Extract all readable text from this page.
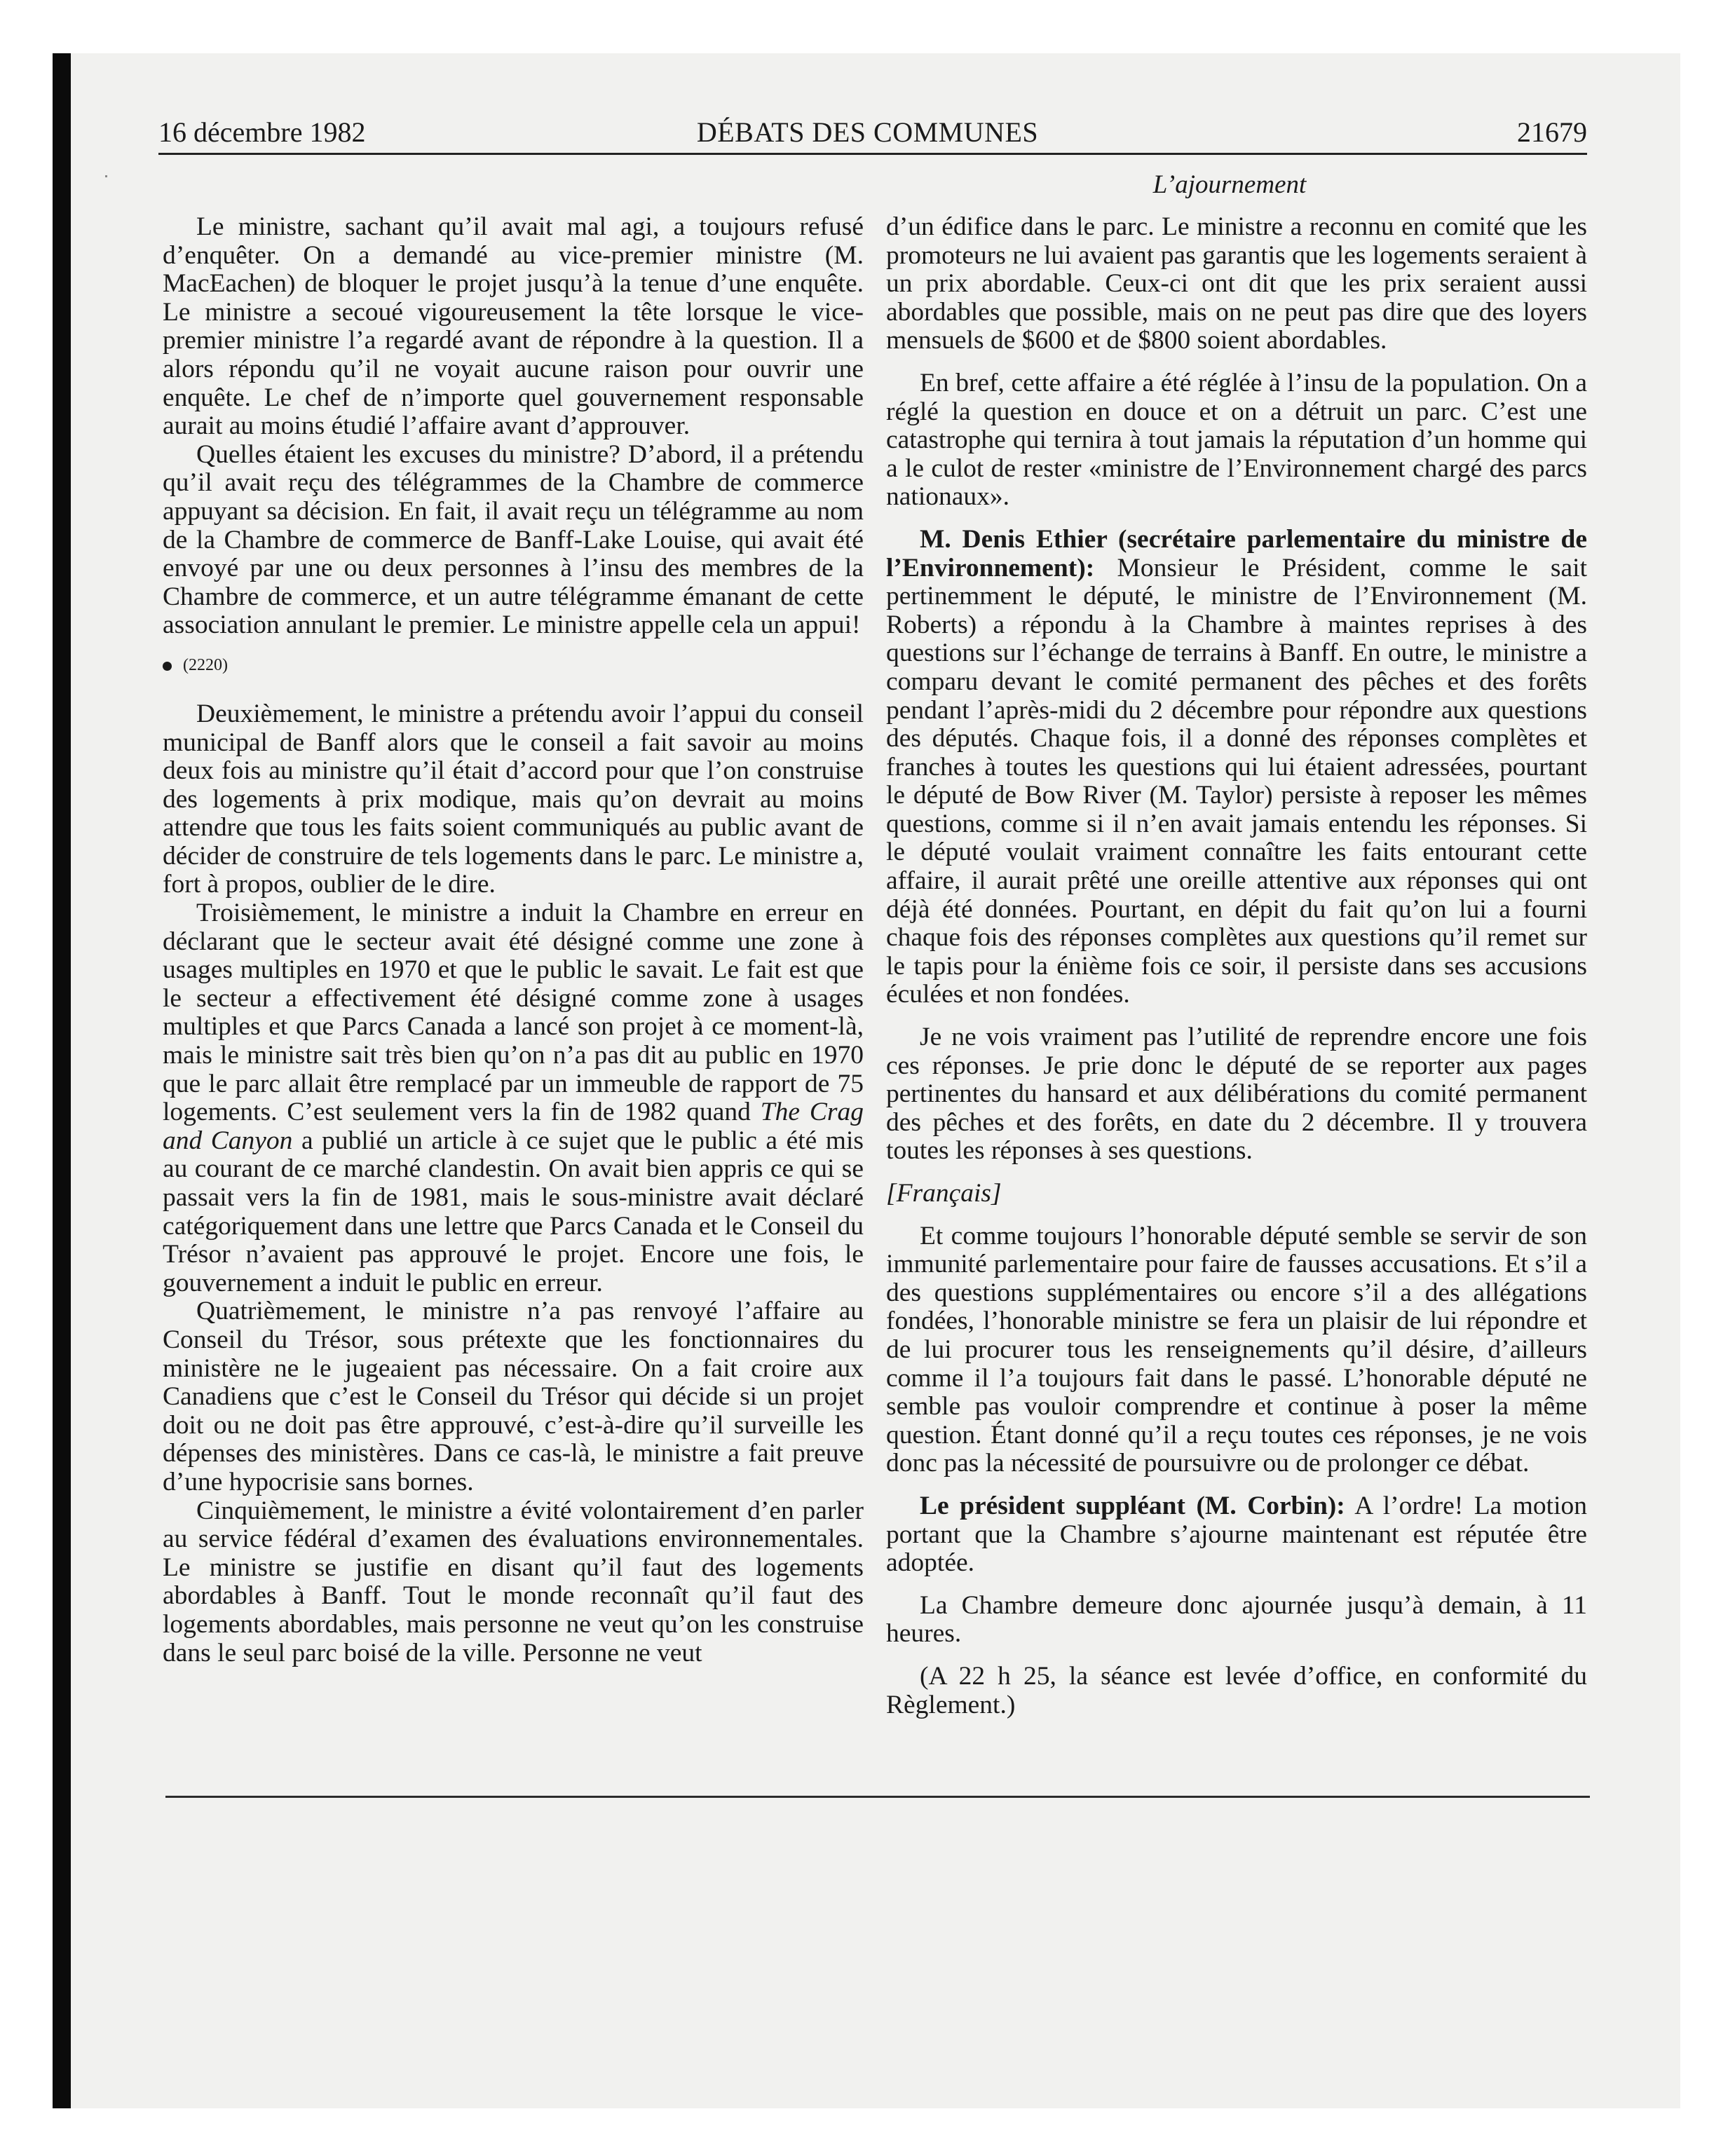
16 décembre 1982	DÉBATS DES COMMUNES	21679
L’ajournement

Le ministre, sachant qu’il avait mal agi, a toujours refusé d’enquêter. On a demandé au vice-premier ministre (M. MacEachen) de bloquer le projet jusqu’à la tenue d’une enquête. Le ministre a secoué vigoureusement la tête lorsque le vice-premier ministre l’a regardé avant de répondre à la question. Il a alors répondu qu’il ne voyait aucune raison pour ouvrir une enquête. Le chef de n’importe quel gouvernement responsable aurait au moins étudié l’affaire avant d’approuver.

Quelles étaient les excuses du ministre? D’abord, il a prétendu qu’il avait reçu des télégrammes de la Chambre de commerce appuyant sa décision. En fait, il avait reçu un télégramme au nom de la Chambre de commerce de Banff-Lake Louise, qui avait été envoyé par une ou deux personnes à l’insu des membres de la Chambre de commerce, et un autre télégramme émanant de cette association annulant le premier. Le ministre appelle cela un appui!

(2220)

Deuxièmement, le ministre a prétendu avoir l’appui du conseil municipal de Banff alors que le conseil a fait savoir au moins deux fois au ministre qu’il était d’accord pour que l’on construise des logements à prix modique, mais qu’on devrait au moins attendre que tous les faits soient communiqués au public avant de décider de construire de tels logements dans le parc. Le ministre a, fort à propos, oublier de le dire.

Troisièmement, le ministre a induit la Chambre en erreur en déclarant que le secteur avait été désigné comme une zone à usages multiples en 1970 et que le public le savait. Le fait est que le secteur a effectivement été désigné comme zone à usages multiples et que Parcs Canada a lancé son projet à ce moment-là, mais le ministre sait très bien qu’on n’a pas dit au public en 1970 que le parc allait être remplacé par un immeuble de rapport de 75 logements. C’est seulement vers la fin de 1982 quand The Crag and Canyon a publié un article à ce sujet que le public a été mis au courant de ce marché clandestin. On avait bien appris ce qui se passait vers la fin de 1981, mais le sous-ministre avait déclaré catégoriquement dans une lettre que Parcs Canada et le Conseil du Trésor n’avaient pas approuvé le projet. Encore une fois, le gouvernement a induit le public en erreur.

Quatrièmement, le ministre n’a pas renvoyé l’affaire au Conseil du Trésor, sous prétexte que les fonctionnaires du ministère ne le jugeaient pas nécessaire. On a fait croire aux Canadiens que c’est le Conseil du Trésor qui décide si un projet doit ou ne doit pas être approuvé, c’est-à-dire qu’il surveille les dépenses des ministères. Dans ce cas-là, le ministre a fait preuve d’une hypocrisie sans bornes.

Cinquièmement, le ministre a évité volontairement d’en parler au service fédéral d’examen des évaluations environnementales. Le ministre se justifie en disant qu’il faut des logements abordables à Banff. Tout le monde reconnaît qu’il faut des logements abordables, mais personne ne veut qu’on les construise dans le seul parc boisé de la ville. Personne ne veut

d’un édifice dans le parc. Le ministre a reconnu en comité que les promoteurs ne lui avaient pas garantis que les logements seraient à un prix abordable. Ceux-ci ont dit que les prix seraient aussi abordables que possible, mais on ne peut pas dire que des loyers mensuels de $600 et de $800 soient abordables.

En bref, cette affaire a été réglée à l’insu de la population. On a réglé la question en douce et on a détruit un parc. C’est une catastrophe qui ternira à tout jamais la réputation d’un homme qui a le culot de rester «ministre de l’Environnement chargé des parcs nationaux».

M. Denis Ethier (secrétaire parlementaire du ministre de l’Environnement): Monsieur le Président, comme le sait pertinemment le député, le ministre de l’Environnement (M. Roberts) a répondu à la Chambre à maintes reprises à des questions sur l’échange de terrains à Banff. En outre, le ministre a comparu devant le comité permanent des pêches et des forêts pendant l’après-midi du 2 décembre pour répondre aux questions des députés. Chaque fois, il a donné des réponses complètes et franches à toutes les questions qui lui étaient adressées, pourtant le député de Bow River (M. Taylor) persiste à reposer les mêmes questions, comme si il n’en avait jamais entendu les réponses. Si le député voulait vraiment connaître les faits entourant cette affaire, il aurait prêté une oreille attentive aux réponses qui ont déjà été données. Pourtant, en dépit du fait qu’on lui a fourni chaque fois des réponses complètes aux questions qu’il remet sur le tapis pour la énième fois ce soir, il persiste dans ses accusions éculées et non fondées.

Je ne vois vraiment pas l’utilité de reprendre encore une fois ces réponses. Je prie donc le député de se reporter aux pages pertinentes du hansard et aux délibérations du comité permanent des pêches et des forêts, en date du 2 décembre. Il y trouvera toutes les réponses à ses questions.

[Français]

Et comme toujours l’honorable député semble se servir de son immunité parlementaire pour faire de fausses accusations. Et s’il a des questions supplémentaires ou encore s’il a des allégations fondées, l’honorable ministre se fera un plaisir de lui répondre et de lui procurer tous les renseignements qu’il désire, d’ailleurs comme il l’a toujours fait dans le passé. L’honorable député ne semble pas vouloir comprendre et continue à poser la même question. Étant donné qu’il a reçu toutes ces réponses, je ne vois donc pas la nécessité de poursuivre ou de prolonger ce débat.

Le président suppléant (M. Corbin): A l’ordre! La motion portant que la Chambre s’ajourne maintenant est réputée être adoptée.

La Chambre demeure donc ajournée jusqu’à demain, à 11 heures.

(A 22 h 25, la séance est levée d’office, en conformité du Règlement.)
